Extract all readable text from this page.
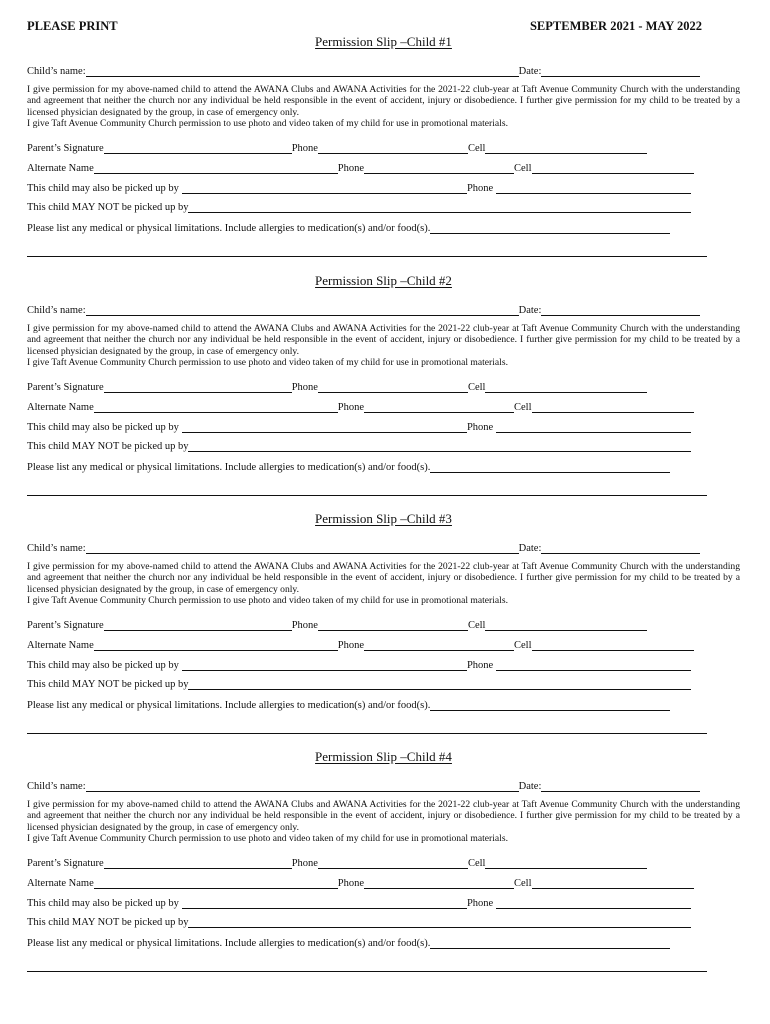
PLEASE PRINT	SEPTEMBER 2021 - MAY 2022
Permission Slip –Child #1
Child’s name:	Date:

I give permission for my above-named child to attend the AWANA Clubs and AWANA Activities for the 2021-22 club-year at Taft Avenue Community Church with the understanding and agreement that neither the church nor any individual be held responsible in the event of accident, injury or disobedience. I further give permission for my child to be treated by a licensed physician designated by the group, in case of emergency only.

I give Taft Avenue Community Church permission to use photo and video taken of my child for use in promotional materials.

Parent’s Signature	Phone	Cell
Alternate Name	Phone	Cell
This child may also be picked up by	Phone
This child MAY NOT be picked up by
Please list any medical or physical limitations. Include allergies to medication(s) and/or food(s).
Permission Slip –Child #2
Child’s name:	Date:

I give permission for my above-named child to attend the AWANA Clubs and AWANA Activities for the 2021-22 club-year at Taft Avenue Community Church with the understanding and agreement that neither the church nor any individual be held responsible in the event of accident, injury or disobedience. I further give permission for my child to be treated by a licensed physician designated by the group, in case of emergency only.

I give Taft Avenue Community Church permission to use photo and video taken of my child for use in promotional materials.

Parent’s Signature	Phone	Cell
Alternate Name	Phone	Cell
This child may also be picked up by	Phone
This child MAY NOT be picked up by
Please list any medical or physical limitations. Include allergies to medication(s) and/or food(s).
Permission Slip –Child #3
Child’s name:	Date:

I give permission for my above-named child to attend the AWANA Clubs and AWANA Activities for the 2021-22 club-year at Taft Avenue Community Church with the understanding and agreement that neither the church nor any individual be held responsible in the event of accident, injury or disobedience. I further give permission for my child to be treated by a licensed physician designated by the group, in case of emergency only.

I give Taft Avenue Community Church permission to use photo and video taken of my child for use in promotional materials.

Parent’s Signature	Phone	Cell
Alternate Name	Phone	Cell
This child may also be picked up by	Phone
This child MAY NOT be picked up by
Please list any medical or physical limitations. Include allergies to medication(s) and/or food(s).
Permission Slip –Child #4
Child’s name:	Date:

I give permission for my above-named child to attend the AWANA Clubs and AWANA Activities for the 2021-22 club-year at Taft Avenue Community Church with the understanding and agreement that neither the church nor any individual be held responsible in the event of accident, injury or disobedience. I further give permission for my child to be treated by a licensed physician designated by the group, in case of emergency only.

I give Taft Avenue Community Church permission to use photo and video taken of my child for use in promotional materials.

Parent’s Signature	Phone	Cell
Alternate Name	Phone	Cell
This child may also be picked up by	Phone
This child MAY NOT be picked up by
Please list any medical or physical limitations. Include allergies to medication(s) and/or food(s).
